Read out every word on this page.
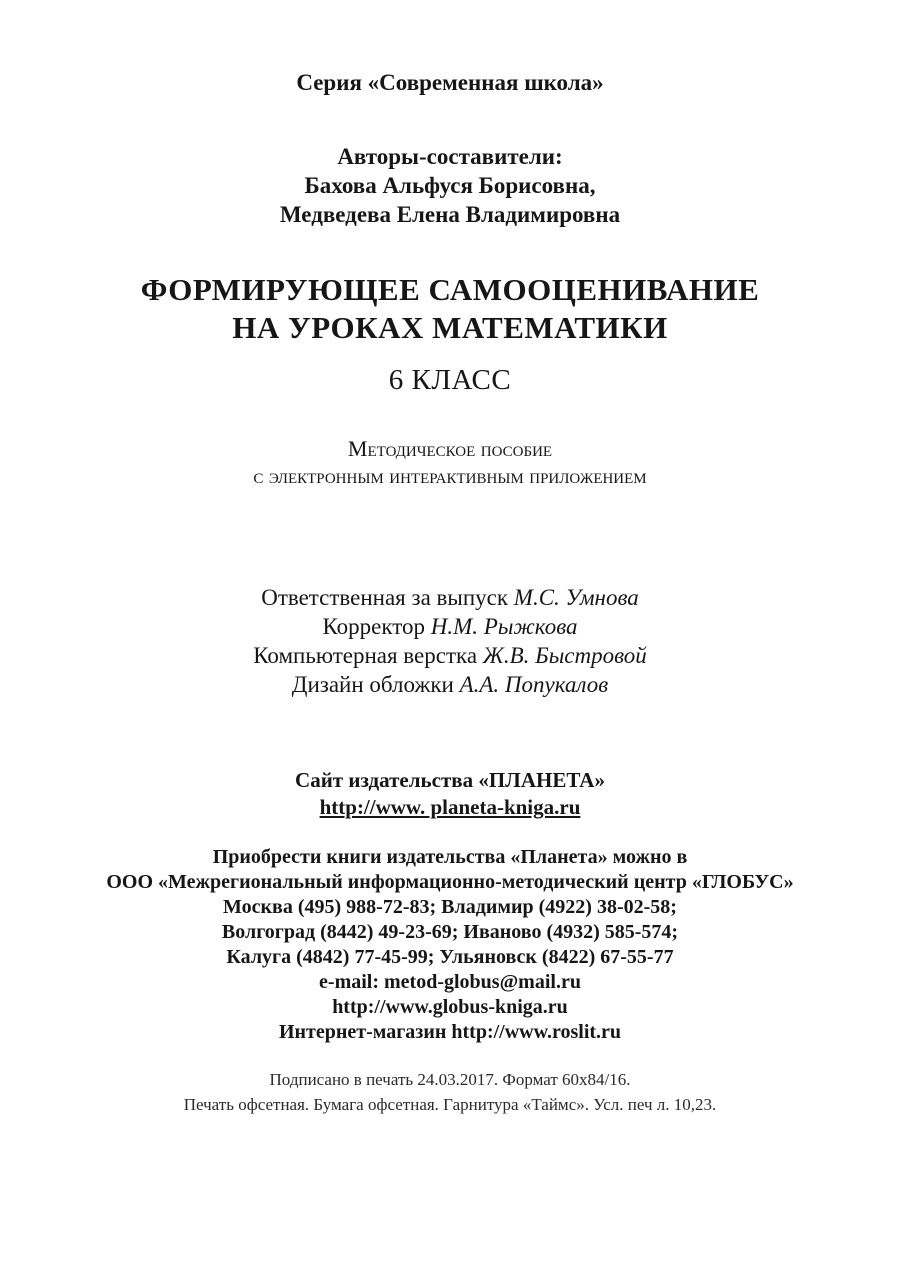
Серия «Современная школа»
Авторы-составители:
Бахова Альфуся Борисовна,
Медведева Елена Владимировна
ФОРМИРУЮЩЕЕ САМООЦЕНИВАНИЕ
НА УРОКАХ МАТЕМАТИКИ
6 КЛАСС
Методическое пособие
с электронным интерактивным приложением
Ответственная за выпуск М.С. Умнова
Корректор Н.М. Рыжкова
Компьютерная верстка Ж.В. Быстровой
Дизайн обложки А.А. Попукалов
Сайт издательства «ПЛАНЕТА»
http://www. planeta-kniga.ru
Приобрести книги издательства «Планета» можно в
ООО «Межрегиональный информационно-методический центр «ГЛОБУС»
Москва (495) 988-72-83; Владимир (4922) 38-02-58;
Волгоград (8442) 49-23-69; Иваново (4932) 585-574;
Калуга (4842) 77-45-99; Ульяновск (8422) 67-55-77
e-mail: metod-globus@mail.ru
http://www.globus-kniga.ru
Интернет-магазин http://www.roslit.ru
Подписано в печать 24.03.2017. Формат 60х84/16.
Печать офсетная. Бумага офсетная. Гарнитура «Таймс». Усл. печ л. 10,23.
